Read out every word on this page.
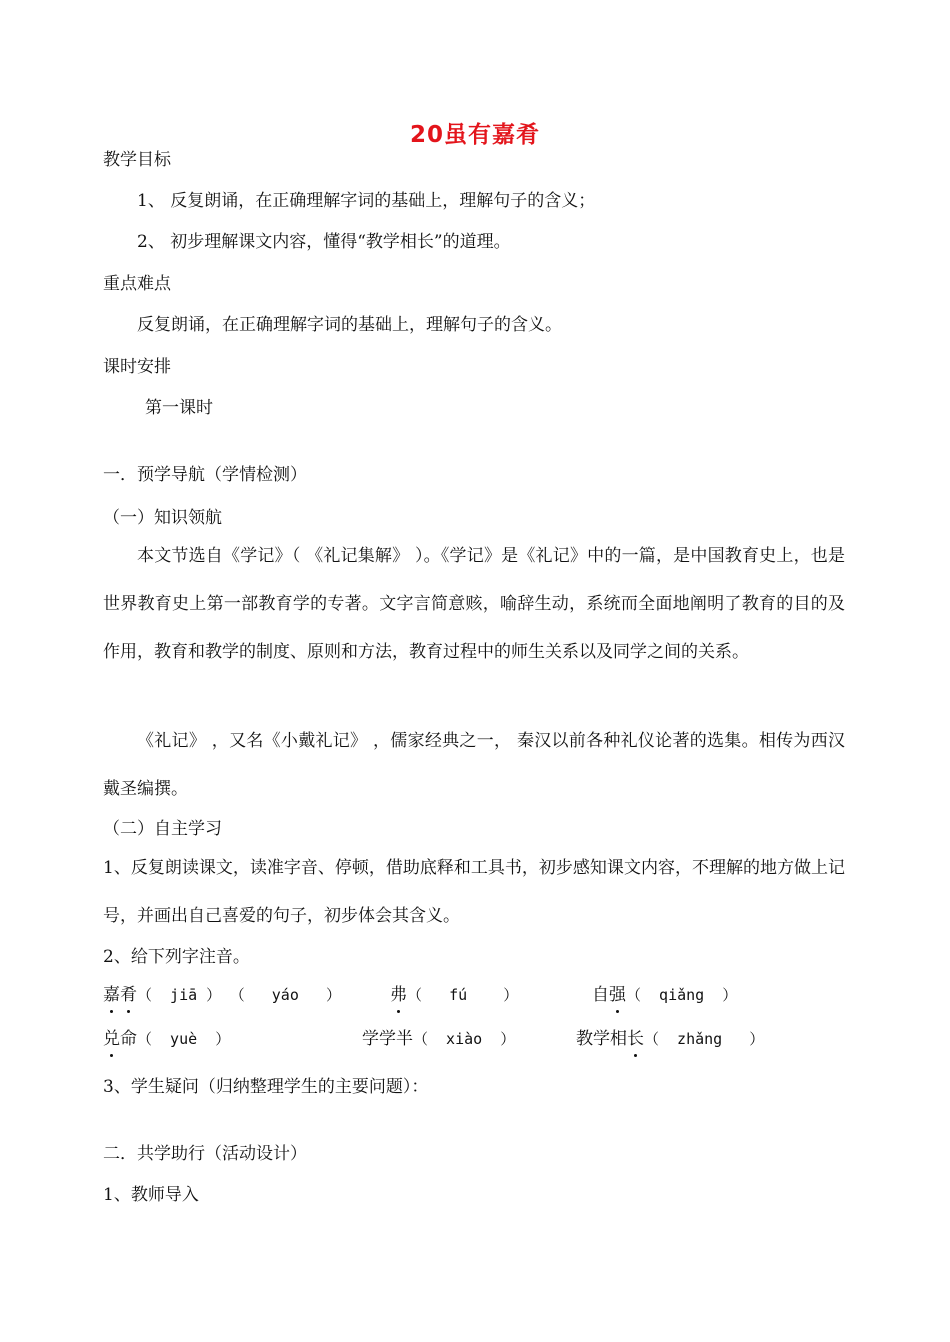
20虽有嘉肴
教学目标
1、 反复朗诵，在正确理解字词的基础上，理解句子的含义；
2、 初步理解课文内容，懂得“教学相长”的道理。
重点难点
反复朗诵，在正确理解字词的基础上，理解句子的含义。
课时安排
第一课时
一．预学导航（学情检测）
（一）知识领航
本文节选自《学记》（ 《礼记集解》 ）。《学记》是《礼记》中的一篇，是中国教育史上，也是世界教育史上第一部教育学的专著。文字言简意赅，喻辞生动，系统而全面地阐明了教育的目的及作用，教育和教学的制度、原则和方法，教育过程中的师生关系以及同学之间的关系。
《礼记》 ，又名《小戴礼记》 ，儒家经典之一， 秦汉以前各种礼仪论著的选集。相传为西汉戴圣编撰。
（二）自主学习
1、反复朗读课文，读准字音、停顿，借助底释和工具书，初步感知课文内容，不理解的地方做上记号，并画出自己喜爱的句子，初步体会其含义。
2、给下列字注音。
嘉肴（  jiā ） （   yáo   ）	弗（   fú    ）	自强（  qiǎng  ）
兑命（  yuè  ）	学学半（  xiào  ）	教学相长（  zhǎng   ）
3、学生疑问（归纳整理学生的主要问题）：
二．共学助行（活动设计）
1、教师导入
